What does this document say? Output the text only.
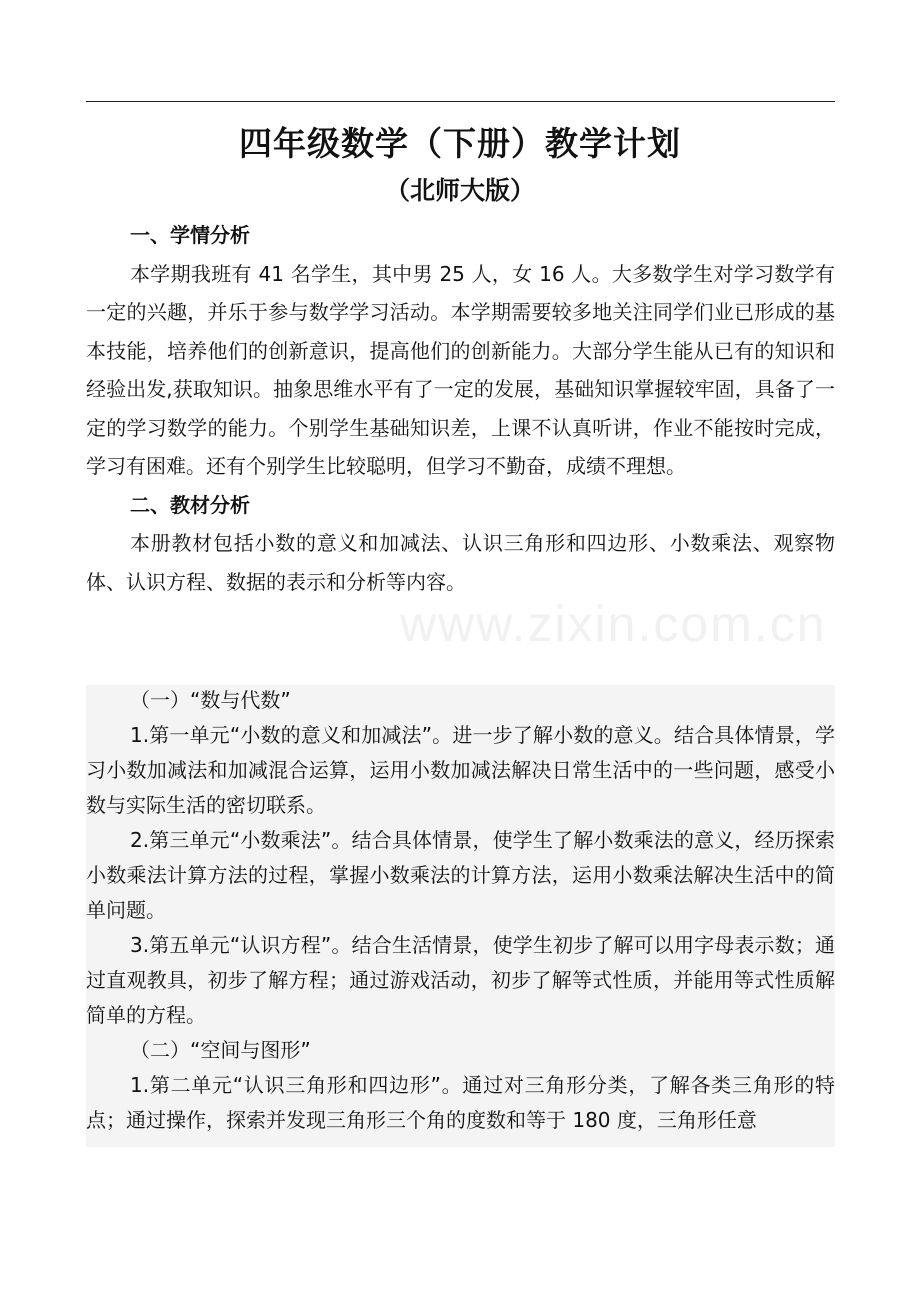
四年级数学（下册）教学计划
（北师大版）

一、学情分析

本学期我班有 41 名学生，其中男 25 人，女 16 人。大多数学生对学习数学有一定的兴趣，并乐于参与数学学习活动。本学期需要较多地关注同学们业已形成的基本技能，培养他们的创新意识，提高他们的创新能力。大部分学生能从已有的知识和经验出发,获取知识。抽象思维水平有了一定的发展，基础知识掌握较牢固，具备了一定的学习数学的能力。个别学生基础知识差，上课不认真听讲，作业不能按时完成，学习有困难。还有个别学生比较聪明，但学习不勤奋，成绩不理想。

二、教材分析

本册教材包括小数的意义和加减法、认识三角形和四边形、小数乘法、观察物体、认识方程、数据的表示和分析等内容。

（一）“数与代数”

1.第一单元“小数的意义和加减法”。进一步了解小数的意义。结合具体情景，学习小数加减法和加减混合运算，运用小数加减法解决日常生活中的一些问题，感受小数与实际生活的密切联系。

2.第三单元“小数乘法”。结合具体情景，使学生了解小数乘法的意义，经历探索小数乘法计算方法的过程，掌握小数乘法的计算方法，运用小数乘法解决生活中的简单问题。

3.第五单元“认识方程”。结合生活情景，使学生初步了解可以用字母表示数；通过直观教具，初步了解方程；通过游戏活动，初步了解等式性质，并能用等式性质解简单的方程。

（二）“空间与图形”

1.第二单元“认识三角形和四边形”。通过对三角形分类，了解各类三角形的特点；通过操作，探索并发现三角形三个角的度数和等于 180 度，三角形任意

www.zixin.com.cn
